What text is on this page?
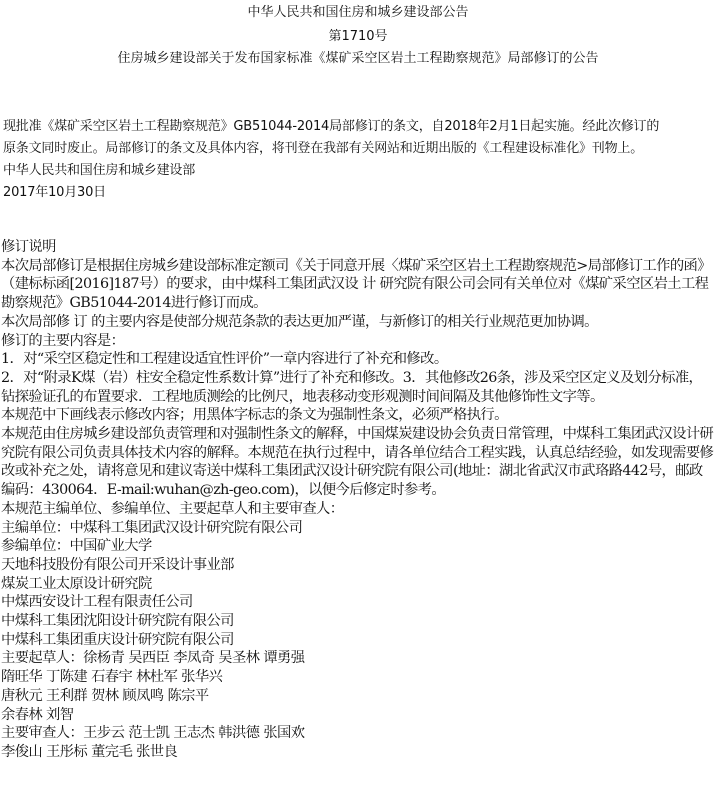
中华人民共和国住房和城乡建设部公告

第1710号

住房城乡建设部关于发布国家标准《煤矿采空区岩土工程勘察规范》局部修订的公告

现批准《煤矿采空区岩土工程勘察规范》GB51044-2014局部修订的条文，自2018年2月1日起实施。经此次修订的

原条文同时废止。局部修订的条文及具体内容，将刊登在我部有关网站和近期出版的《工程建设标准化》刊物上。

中华人民共和国住房和城乡建设部

2017年10月30日

修订说明

本次局部修订是根据住房城乡建设部标准定额司《关于同意开展〈煤矿采空区岩土工程勘察规范>局部修订工作的函》（建标标函[2016]187号）的要求，由中煤科工集团武汉设 计 研究院有限公司会同有关单位对《煤矿采空区岩土工程勘察规范》GB51044-2014进行修订而成。

本次局部修 订 的主要内容是使部分规范条款的表达更加严谨，与新修订的相关行业规范更加协调。

修订的主要内容是：

1．对“采空区稳定性和工程建设适宜性评价”一章内容进行了补充和修改。

2．对“附录K煤（岩）柱安全稳定性系数计算”进行了补充和修改。3．其他修改26条，涉及采空区定义及划分标准，钻探验证孔的布置要求．工程地质测绘的比例尺，地表移动变形观测时间间隔及其他修饰性文字等。

本规范中下画线表示修改内容；用黑体字标志的条文为强制性条文，必须严格执行。

本规范由住房城乡建设部负责管理和对强制性条文的解释，中国煤炭建设协会负责日常管理，中煤科工集团武汉设计研究院有限公司负责具体技术内容的解释。本规范在执行过程中，请各单位结合工程实践，认真总结经验，如发现需要修改或补充之处，请将意见和建议寄送中煤科工集团武汉设计研究院有限公司(地址：湖北省武汉市武珞路442号，邮政编码：430064．E-mail:wuhan@zh-geo.com)，以便今后修定时参考。

本规范主编单位、参编单位、主要起草人和主要审查人：

主编单位：中煤科工集团武汉设计研究院有限公司

参编单位：中国矿业大学

天地科技股份有限公司开采设计事业部

煤炭工业太原设计研究院

中煤西安设计工程有限责任公司

中煤科工集团沈阳设计研究院有限公司

中煤科工集团重庆设计研究院有限公司

主要起草人：徐杨青 吴西臣 李凤奇 吴圣林 谭勇强

隋旺华 丁陈建 石春宇 林杜军 张华兴

唐秋元 王利群 贺林 顾凤鸣 陈宗平

余春林 刘智

主要审查人：王步云 范士凯 王志杰 韩洪德 张国欢

李俊山 王彤标 董完毛 张世良
